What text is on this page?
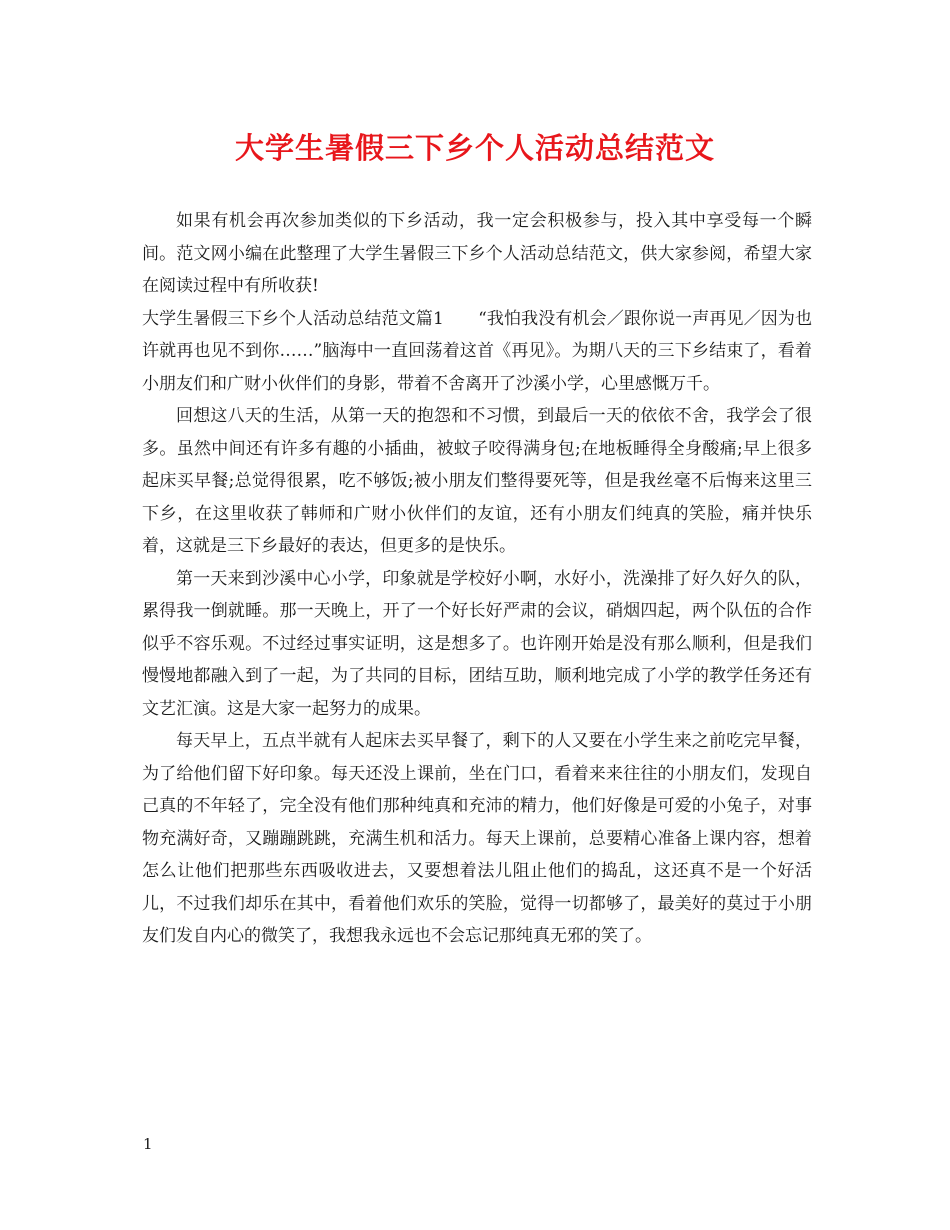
大学生暑假三下乡个人活动总结范文

如果有机会再次参加类似的下乡活动，我一定会积极参与，投入其中享受每一个瞬间。范文网小编在此整理了大学生暑假三下乡个人活动总结范文，供大家参阅，希望大家在阅读过程中有所收获!

大学生暑假三下乡个人活动总结范文篇1　　“我怕我没有机会／跟你说一声再见／因为也许就再也见不到你……”脑海中一直回荡着这首《再见》。为期八天的三下乡结束了，看着小朋友们和广财小伙伴们的身影，带着不舍离开了沙溪小学，心里感慨万千。

回想这八天的生活，从第一天的抱怨和不习惯，到最后一天的依依不舍，我学会了很多。虽然中间还有许多有趣的小插曲，被蚊子咬得满身包;在地板睡得全身酸痛;早上很多起床买早餐;总觉得很累，吃不够饭;被小朋友们整得要死等，但是我丝毫不后悔来这里三下乡，在这里收获了韩师和广财小伙伴们的友谊，还有小朋友们纯真的笑脸，痛并快乐着，这就是三下乡最好的表达，但更多的是快乐。

第一天来到沙溪中心小学，印象就是学校好小啊，水好小，洗澡排了好久好久的队，累得我一倒就睡。那一天晚上，开了一个好长好严肃的会议，硝烟四起，两个队伍的合作似乎不容乐观。不过经过事实证明，这是想多了。也许刚开始是没有那么顺利，但是我们慢慢地都融入到了一起，为了共同的目标，团结互助，顺利地完成了小学的教学任务还有文艺汇演。这是大家一起努力的成果。

每天早上，五点半就有人起床去买早餐了，剩下的人又要在小学生来之前吃完早餐，为了给他们留下好印象。每天还没上课前，坐在门口，看着来来往往的小朋友们，发现自己真的不年轻了，完全没有他们那种纯真和充沛的精力，他们好像是可爱的小兔子，对事物充满好奇，又蹦蹦跳跳，充满生机和活力。每天上课前，总要精心准备上课内容，想着怎么让他们把那些东西吸收进去，又要想着法儿阻止他们的捣乱，这还真不是一个好活儿，不过我们却乐在其中，看着他们欢乐的笑脸，觉得一切都够了，最美好的莫过于小朋友们发自内心的微笑了，我想我永远也不会忘记那纯真无邪的笑了。

1
